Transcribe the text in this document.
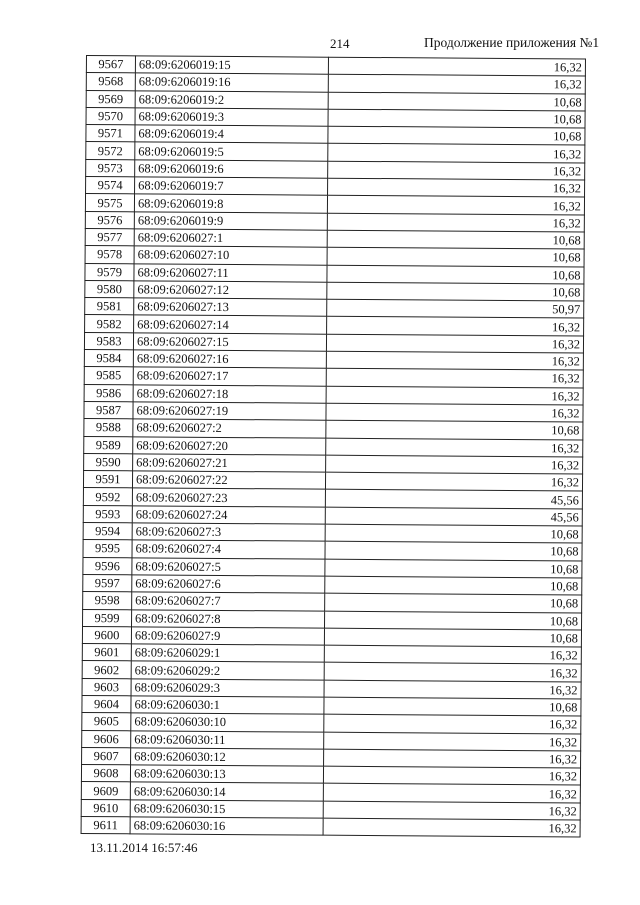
214	Продолжение приложения №1
9567	68:09:6206019:15	16,32
9568	68:09:6206019:16	16,32
9569	68:09:6206019:2	10,68
9570	68:09:6206019:3	10,68
9571	68:09:6206019:4	10,68
9572	68:09:6206019:5	16,32
9573	68:09:6206019:6	16,32
9574	68:09:6206019:7	16,32
9575	68:09:6206019:8	16,32
9576	68:09:6206019:9	16,32
9577	68:09:6206027:1	10,68
9578	68:09:6206027:10	10,68
9579	68:09:6206027:11	10,68
9580	68:09:6206027:12	10,68
9581	68:09:6206027:13	50,97
9582	68:09:6206027:14	16,32
9583	68:09:6206027:15	16,32
9584	68:09:6206027:16	16,32
9585	68:09:6206027:17	16,32
9586	68:09:6206027:18	16,32
9587	68:09:6206027:19	16,32
9588	68:09:6206027:2	10,68
9589	68:09:6206027:20	16,32
9590	68:09:6206027:21	16,32
9591	68:09:6206027:22	16,32
9592	68:09:6206027:23	45,56
9593	68:09:6206027:24	45,56
9594	68:09:6206027:3	10,68
9595	68:09:6206027:4	10,68
9596	68:09:6206027:5	10,68
9597	68:09:6206027:6	10,68
9598	68:09:6206027:7	10,68
9599	68:09:6206027:8	10,68
9600	68:09:6206027:9	10,68
9601	68:09:6206029:1	16,32
9602	68:09:6206029:2	16,32
9603	68:09:6206029:3	16,32
9604	68:09:6206030:1	10,68
9605	68:09:6206030:10	16,32
9606	68:09:6206030:11	16,32
9607	68:09:6206030:12	16,32
9608	68:09:6206030:13	16,32
9609	68:09:6206030:14	16,32
9610	68:09:6206030:15	16,32
9611	68:09:6206030:16	16,32
13.11.2014 16:57:46
